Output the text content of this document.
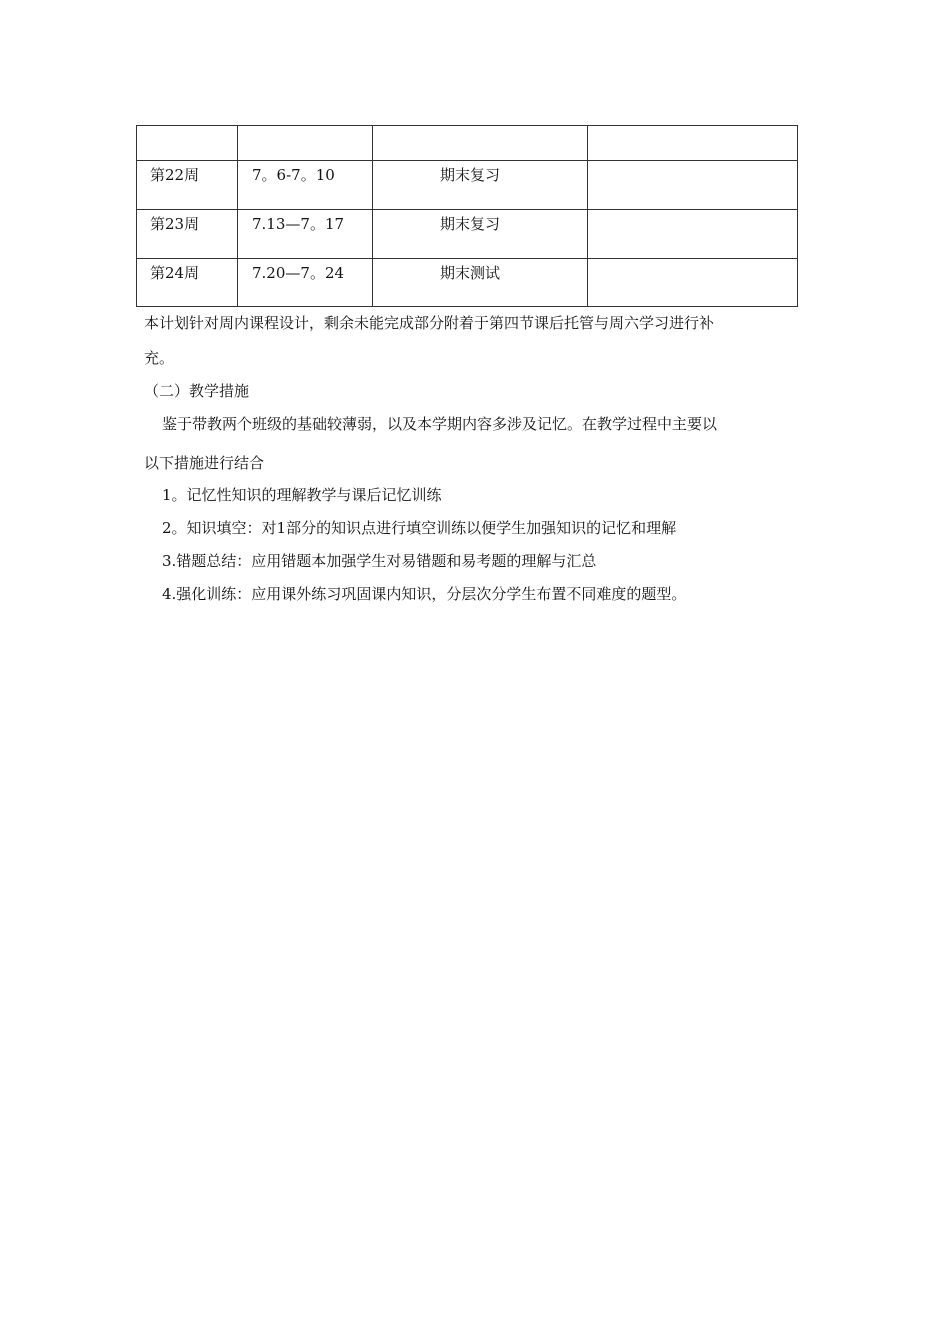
第22周	7。6-7。10	期末复习	

第23周	7.13—7。17	期末复习	

第24周	7.20—7。24	期末测试	

本计划针对周内课程设计，剩余未能完成部分附着于第四节课后托管与周六学习进行补
充。
（二）教学措施
鉴于带教两个班级的基础较薄弱，以及本学期内容多涉及记忆。在教学过程中主要以
以下措施进行结合
1。记忆性知识的理解教学与课后记忆训练
2。知识填空：对1部分的知识点进行填空训练以便学生加强知识的记忆和理解
3.错题总结：应用错题本加强学生对易错题和易考题的理解与汇总
4.强化训练：应用课外练习巩固课内知识，分层次分学生布置不同难度的题型。
